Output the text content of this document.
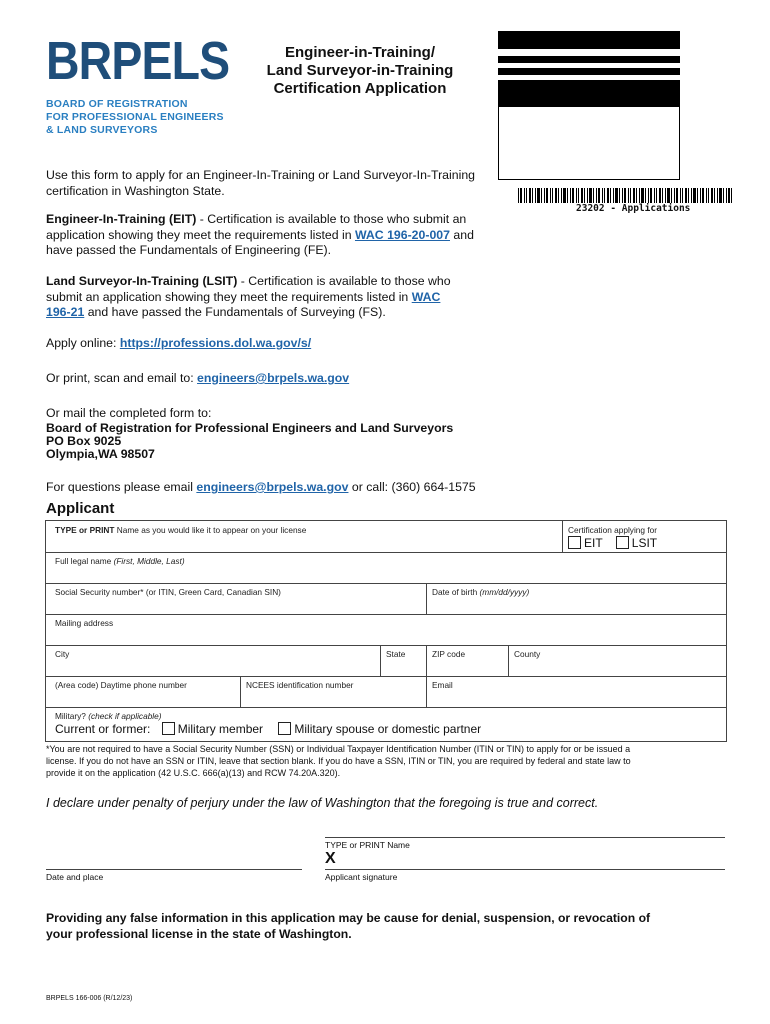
BRPELS
BOARD OF REGISTRATION
FOR PROFESSIONAL ENGINEERS
& LAND SURVEYORS
Engineer-in-Training/
Land Surveyor-in-Training
Certification Application
23202 - Applications
Use this form to apply for an Engineer-In-Training or Land Surveyor-In-Training
certification in Washington State.
Engineer-In-Training (EIT) - Certification is available to those who submit an
application showing they meet the requirements listed in WAC 196-20-007 and
have passed the Fundamentals of Engineering (FE).
Land Surveyor-In-Training (LSIT) - Certification is available to those who
submit an application showing they meet the requirements listed in WAC
196-21 and have passed the Fundamentals of Surveying (FS).
Apply online: https://professions.dol.wa.gov/s/
Or print, scan and email to: engineers@brpels.wa.gov
Or mail the completed form to:
Board of Registration for Professional Engineers and Land Surveyors
PO Box 9025
Olympia,WA 98507
For questions please email engineers@brpels.wa.gov or call: (360) 664-1575
Applicant
TYPE or PRINT Name as you would like it to appear on your license	Certification applying for
EIT LSIT
Full legal name (First, Middle, Last)
Social Security number* (or ITIN, Green Card, Canadian SIN)	Date of birth (mm/dd/yyyy)
Mailing address
City	State	ZIP code	County
(Area code) Daytime phone number	NCEES identification number	Email
Military? (check if applicable)
Current or former: Military member	Military spouse or domestic partner
*You are not required to have a Social Security Number (SSN) or Individual Taxpayer Identification Number (ITIN or TIN) to apply for or be issued a
license. If you do not have an SSN or ITIN, leave that section blank. If you do have a SSN, ITIN or TIN, you are required by federal and state law to
provide it on the application (42 U.S.C. 666(a)(13) and RCW 74.20A.320).
I declare under penalty of perjury under the law of Washington that the foregoing is true and correct.
TYPE or PRINT Name
X
Date and place	Applicant signature
Providing any false information in this application may be cause for denial, suspension, or revocation of
your professional license in the state of Washington.
BRPELS 166-006 (R/12/23)
